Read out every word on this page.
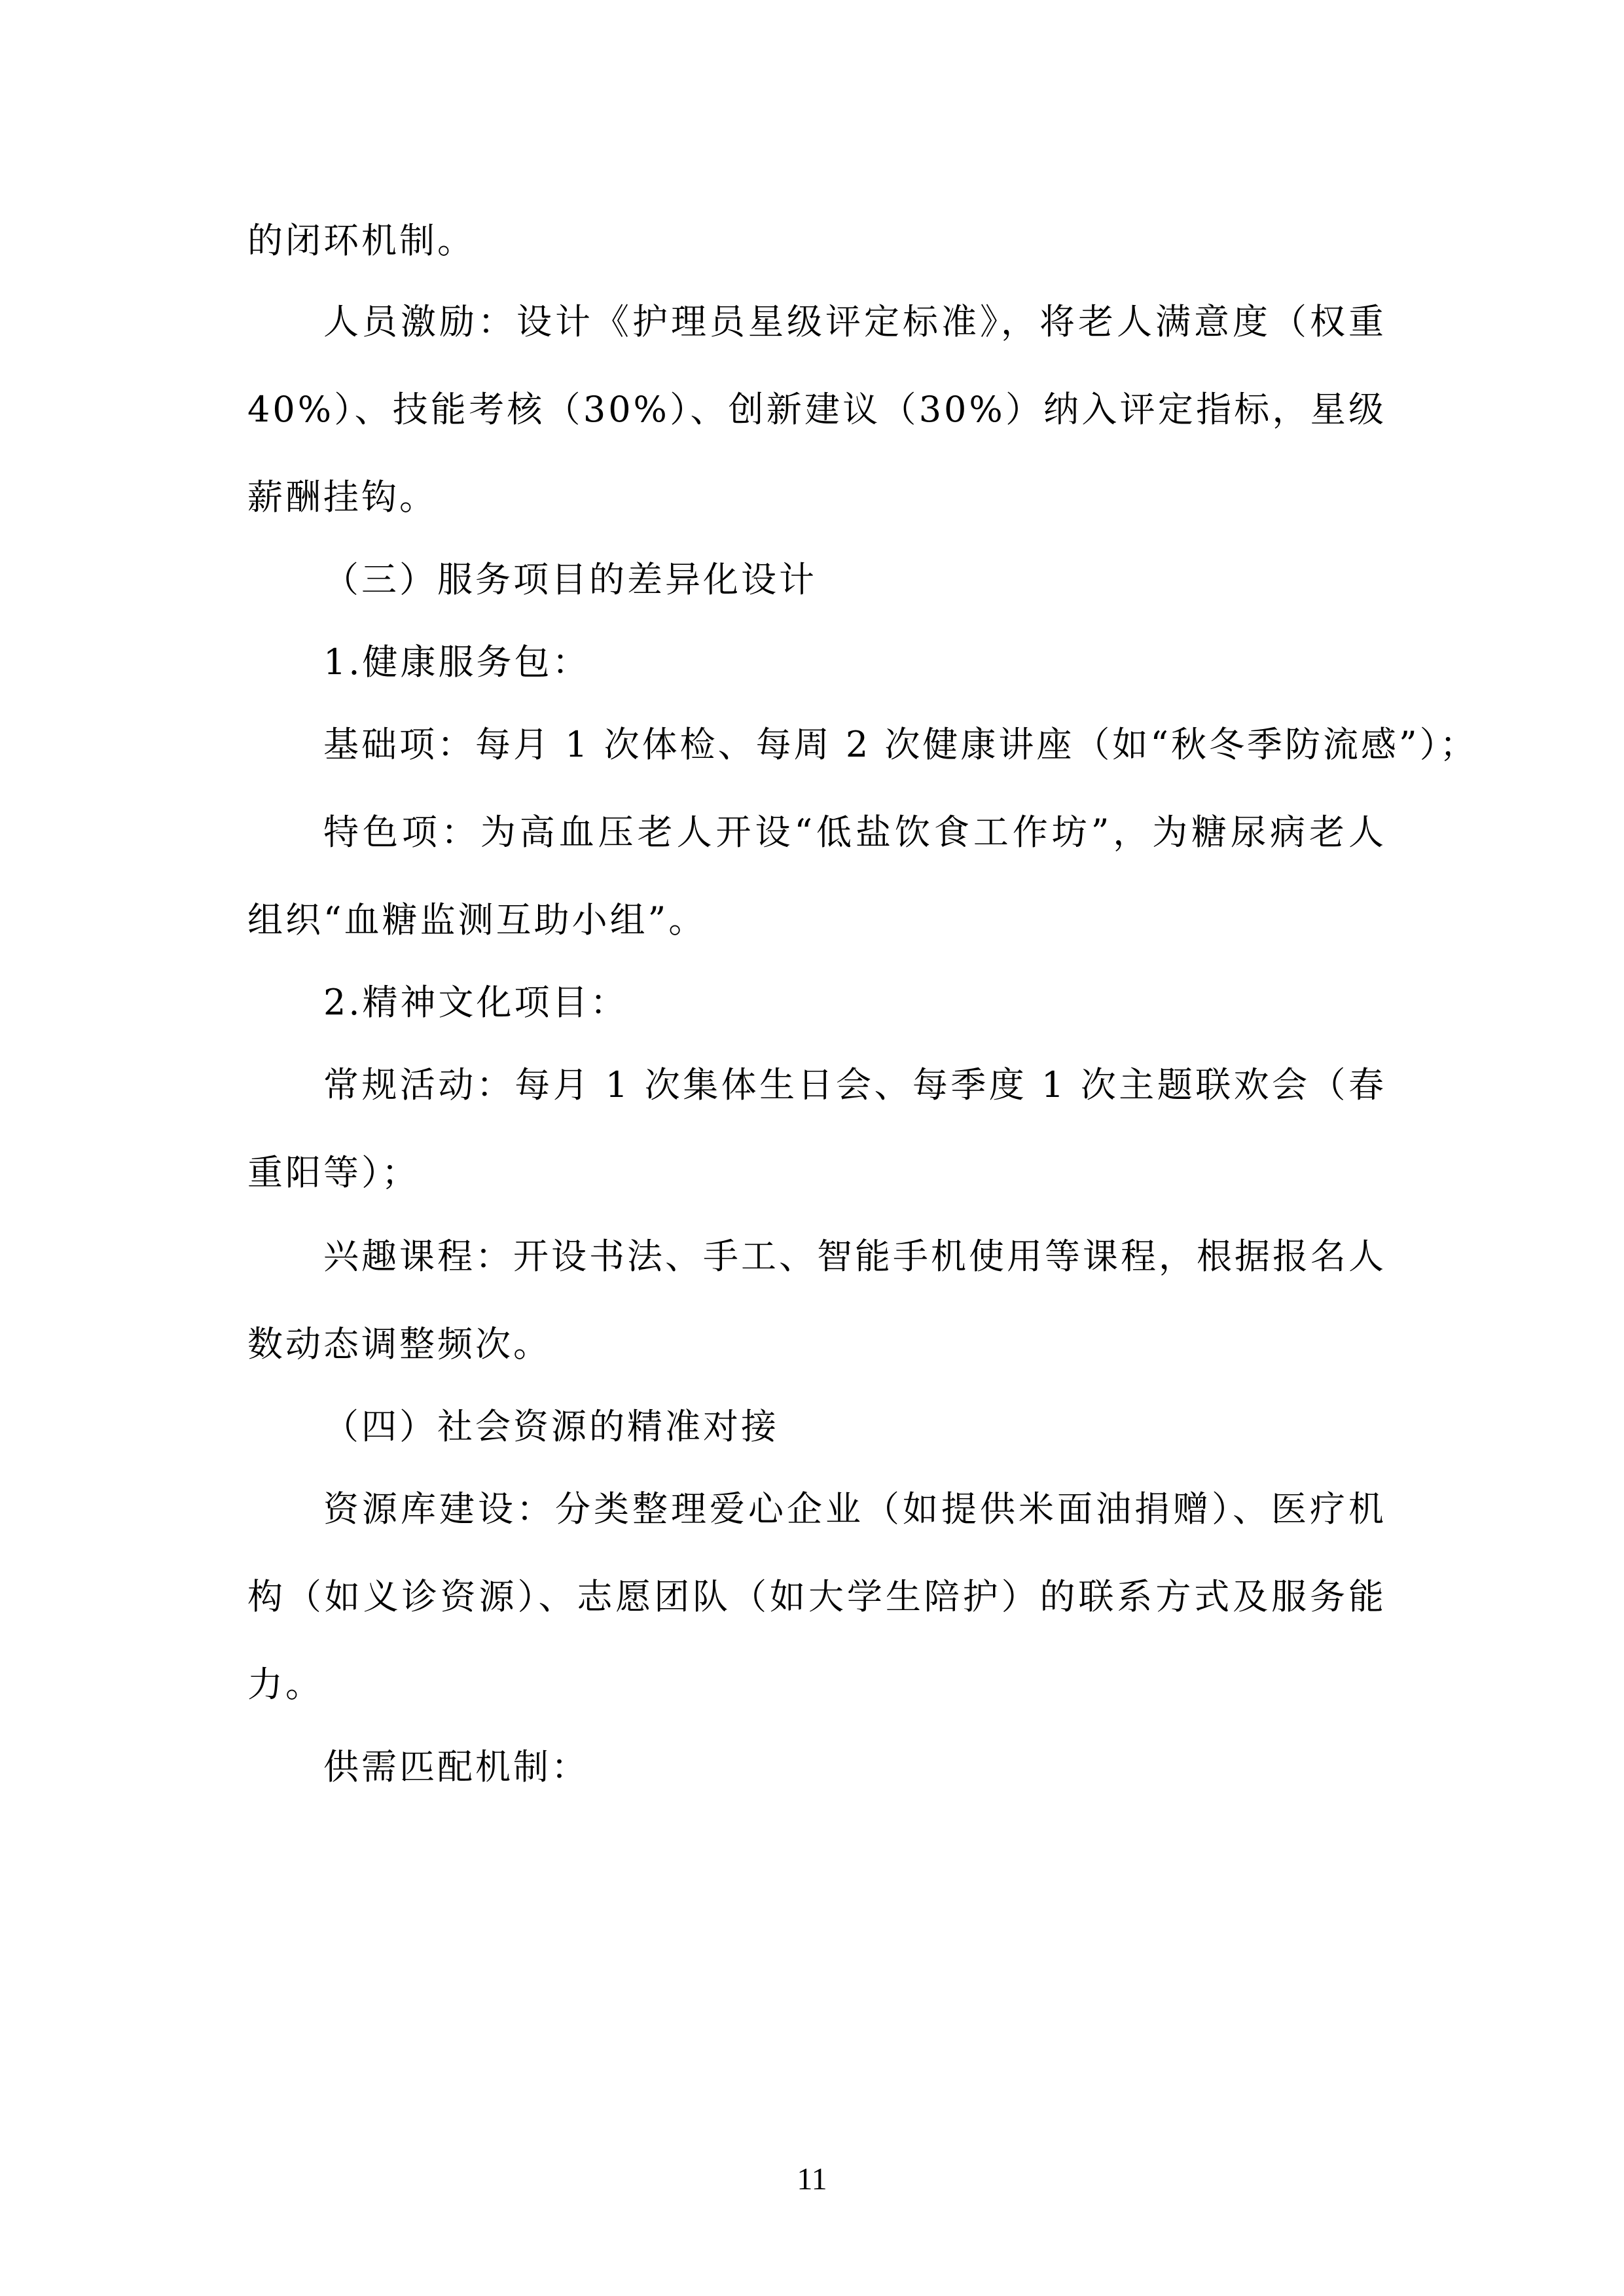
的闭环机制。
人员激励：设计《护理员星级评定标准》，将老人满意度（权重
40%）、技能考核（30%）、创新建议（30%）纳入评定指标，星级
薪酬挂钩。
（三）服务项目的差异化设计
1.健康服务包：
基础项：每月 1 次体检、每周 2 次健康讲座（如“秋冬季防流感”）；
特色项：为高血压老人开设“低盐饮食工作坊”，为糖尿病老人
组织“血糖监测互助小组”。
2.精神文化项目：
常规活动：每月 1 次集体生日会、每季度 1 次主题联欢会（春
重阳等）；
兴趣课程：开设书法、手工、智能手机使用等课程，根据报名人
数动态调整频次。
（四）社会资源的精准对接
资源库建设：分类整理爱心企业（如提供米面油捐赠）、医疗机
构（如义诊资源）、志愿团队（如大学生陪护）的联系方式及服务能
力。
供需匹配机制：
11
